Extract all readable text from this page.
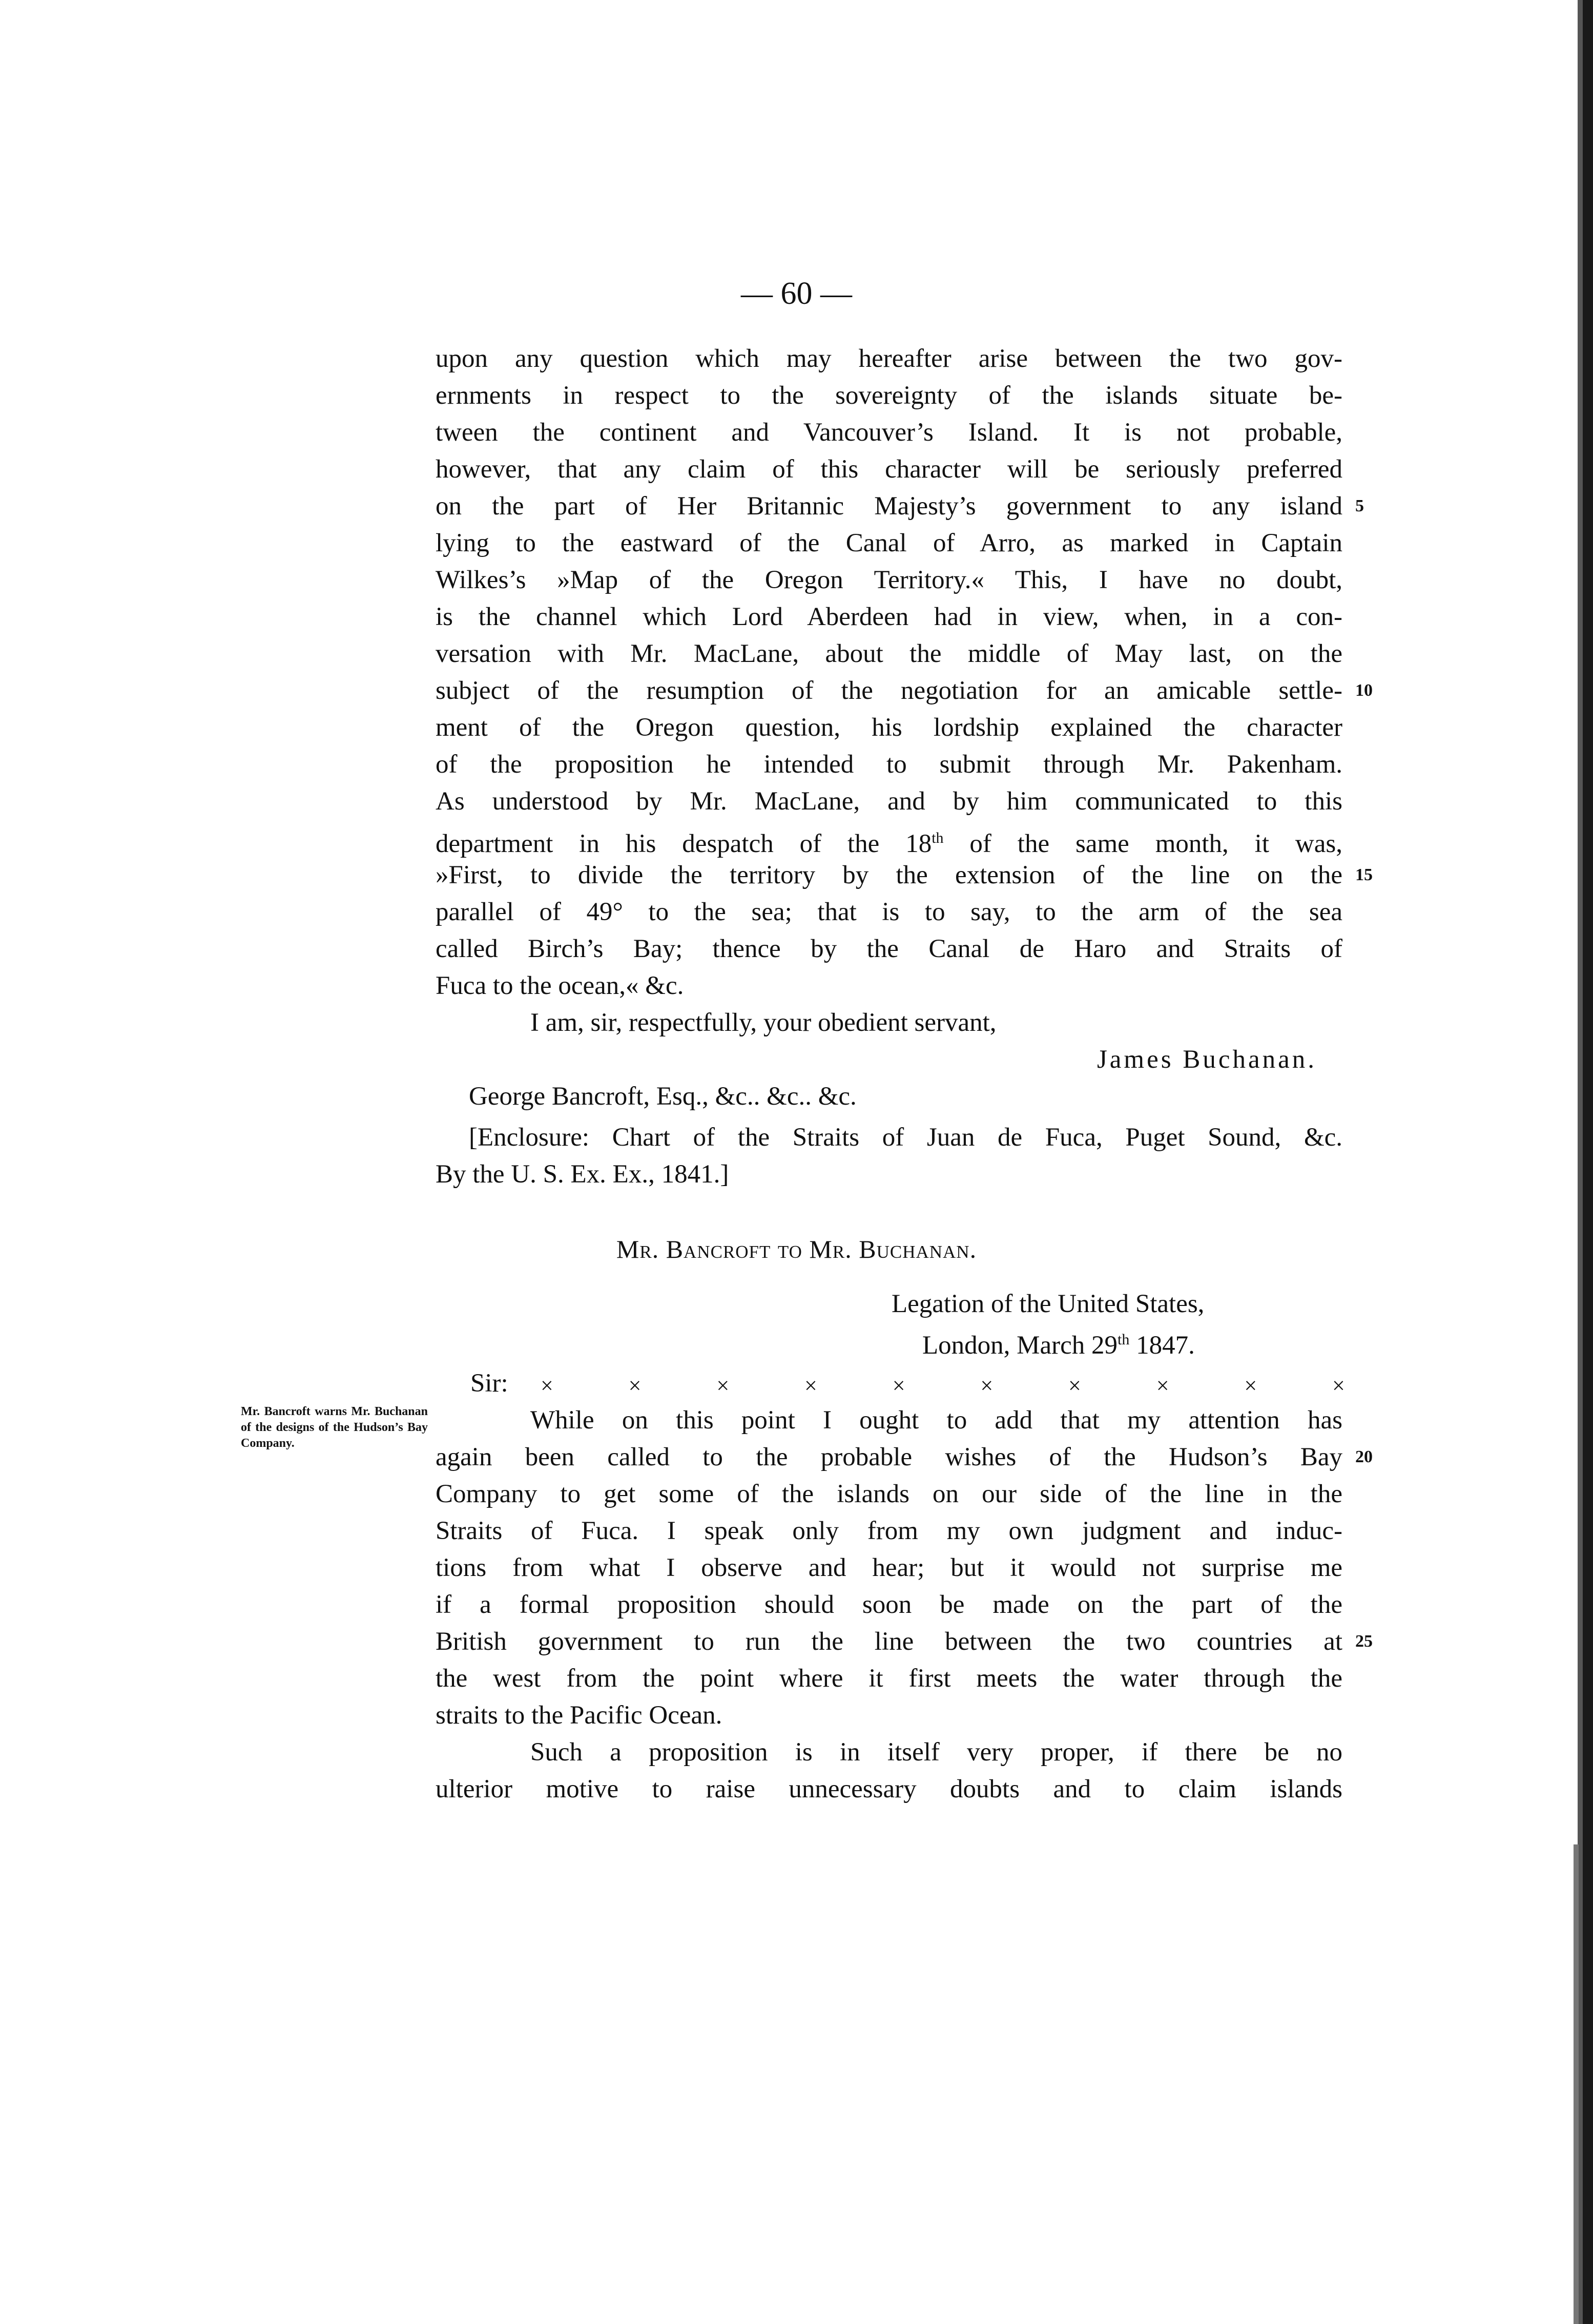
— 60 —
upon any question which may hereafter arise between the two gov-
ernments in respect to the sovereignty of the islands situate be-
tween the continent and Vancouver’s Island. It is not probable,
however, that any claim of this character will be seriously preferred
on the part of Her Britannic Majesty’s government to any island
lying to the eastward of the Canal of Arro, as marked in Captain
Wilkes’s »Map of the Oregon Territory.« This, I have no doubt,
is the channel which Lord Aberdeen had in view, when, in a con-
versation with Mr. MacLane, about the middle of May last, on the
subject of the resumption of the negotiation for an amicable settle-
ment of the Oregon question, his lordship explained the character
of the proposition he intended to submit through Mr. Pakenham.
As understood by Mr. MacLane, and by him communicated to this
department in his despatch of the 18th of the same month, it was,
»First, to divide the territory by the extension of the line on the
parallel of 49° to the sea; that is to say, to the arm of the sea
called Birch’s Bay; thence by the Canal de Haro and Straits of
Fuca to the ocean,« &c.
I am, sir, respectfully, your obedient servant,
James Buchanan.
George Bancroft, Esq., &c.. &c.. &c.
[Enclosure: Chart of the Straits of Juan de Fuca, Puget Sound, &c.
By the U. S. Ex. Ex., 1841.]
Mr. Bancroft to Mr. Buchanan.
Legation of the United States,
London, March 29th 1847.
Sir: ×	×	×	×	×	×	×	×	×	×
Mr. Bancroft warns Mr. Buchanan of the designs of the Hudson’s Bay Company.
While on this point I ought to add that my attention has
again been called to the probable wishes of the Hudson’s Bay
Company to get some of the islands on our side of the line in the
Straits of Fuca. I speak only from my own judgment and induc-
tions from what I observe and hear; but it would not surprise me
if a formal proposition should soon be made on the part of the
British government to run the line between the two countries at
the west from the point where it first meets the water through the
straits to the Pacific Ocean.
Such a proposition is in itself very proper, if there be no
ulterior motive to raise unnecessary doubts and to claim islands
5
10
15
20
25
